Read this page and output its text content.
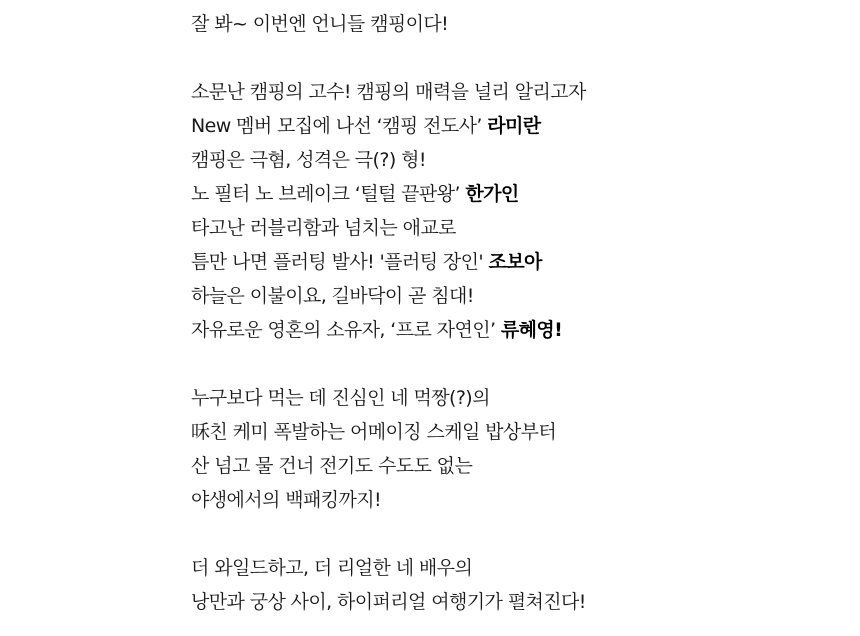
잘 봐~ 이번엔 언니들 캠핑이다!
소문난 캠핑의 고수! 캠핑의 매력을 널리 알리고자
New 멤버 모집에 나선 ‘캠핑 전도사’ 라미란
캠핑은 극혐, 성격은 극(?) 형!
노 필터 노 브레이크 ‘털털 끝판왕’ 한가인
타고난 러블리함과 넘치는 애교로
틈만 나면 플러팅 발사! '플러팅 장인' 조보아
하늘은 이불이요, 길바닥이 곧 침대!
자유로운 영혼의 소유자, ‘프로 자연인’ 류혜영!
누구보다 먹는 데 진심인 네 먹짱(?)의
咊친 케미 폭발하는 어메이징 스케일 밥상부터
산 넘고 물 건너 전기도 수도도 없는
야생에서의 백패킹까지!
더 와일드하고, 더 리얼한 네 배우의
낭만과 궁상 사이, 하이퍼리얼 여행기가 펼쳐진다!
